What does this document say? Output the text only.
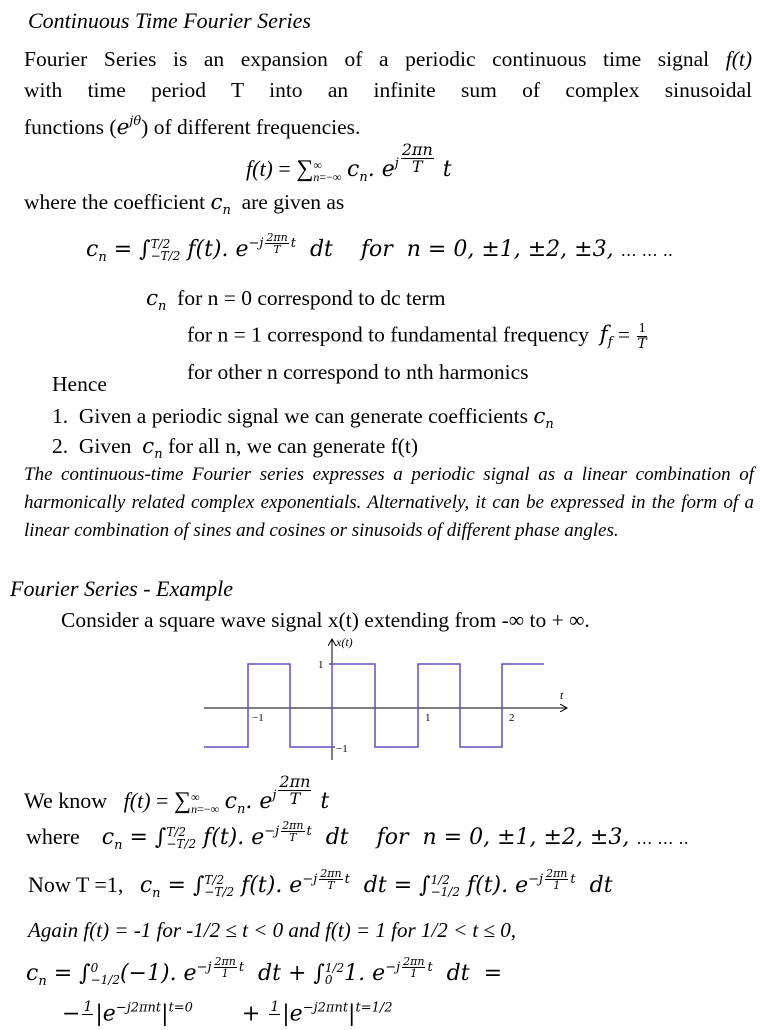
Continuous Time Fourier Series
Fourier Series is an expansion of a periodic continuous time signal f(t)
with time period T into an infinite sum of complex sinusoidal
functions $(e^{j\theta})$ of different frequencies.
f(t) = ∑ ∞
n=−∞ $c_n$. $e^j \frac{2\pi n}{T}$ t
where the coefficient $c_n$ are given as
$c_n$ = ∫ T/2
−T/2 f(t). $e^{-j \frac{2\pi n}{T} t}$  dt    for  n = 0, ±1, ±2, ±3, … … ..
$c_n$ for n = 0 correspond to dc term
for n = 1 correspond to fundamental frequency $f_f = \frac{1}{T}$
Hence	for other n correspond to nth harmonics
1. Given a periodic signal we can generate coefficients $c_n$
2. Given $c_n$ for all n, we can generate f(t)
The continuous-time Fourier series expresses a periodic signal as a linear combination of harmonically related complex exponentials. Alternatively, it can be expressed in the form of a linear combination of sines and cosines or sinusoids of different phase angles.
Fourier Series - Example
Consider a square wave signal x(t) extending from -∞ to + ∞.
x(t)
t
−1	1	2
1
−1
We know f(t) = ∑ ∞
n=−∞ $c_n$. $e^j \frac{2\pi n}{T}$ t
where $c_n$ = ∫ T/2
−T/2 f(t). $e^{-j \frac{2\pi n}{T} t}$  dt    for  n = 0, ±1, ±2, ±3, … … ..
Now T =1, $c_n$ = ∫ T/2
−T/2 f(t). $e^{-j \frac{2\pi n}{T} t}$  dt = ∫ 1/2
−1/2 f(t). $e^{-j \frac{2\pi n}{1} t}$  dt
Again f(t) = -1 for -1/2 ≤ t < 0 and f(t) = 1 for 1/2 < t ≤ 0,
$c_n$ = ∫ 0
−1/2 (−1). $e^{-j \frac{2\pi n}{1} t}$  dt + ∫ 1/2
0 1. $e^{-j \frac{2\pi n}{1} t}$  dt  =
− 1
$|e^{-j2\pi nt}|^{t=0}$       + 1
$|e^{-j2\pi nt}|^{t=1/2}$
